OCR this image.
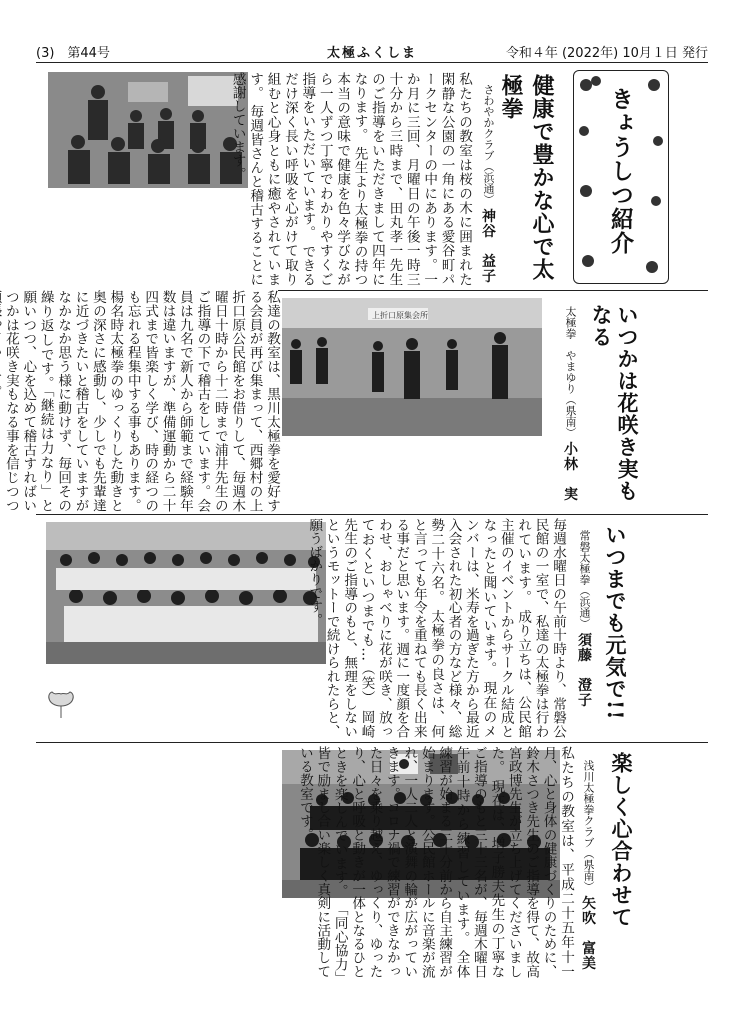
(3)　第44号	太極ふくしま	令和４年 (2022年) 10月１日 発行
健康で豊かな心で太極拳
さわやかクラブ（浜通） 神谷　益子
私たちの教室は桜の木に囲まれた閑静な公園の一角にある愛谷町パークセンターの中にあります。一か月に三回、月曜日の午後一時三十分から三時まで、田丸孝一先生のご指導をいただきまして四年になります。 先生より太極拳の持つ本当の意味で健康を色々学びながら一人ずつ丁寧でわかりやすくご指導をいただいています。 できるだけ深く長い呼吸を心がけて取り組むと心身ともに癒やされています。 毎週皆さんと稽古することに感謝しています。	きょうしつ紹介
上折口原集会所	いつかは花咲き実もなる
太極拳　やまゆり（県南） 小林　実
私達の教室は、黒川太極拳を愛好する会員が再び集まって、西郷村の上折口原公民館をお借りして、毎週木曜日十時から十二時まで浦井先生のご指導の下で稽古をしています。会員は九名で新人から師範まで経験年数は違いますが、準備運動から二十四式まで皆楽しく学び、時の経つのも忘れる程集中する事もあります。楊名時太極拳のゆっくりした動きと奥の深さに感動し、少しでも先輩達に近づきたいと稽古をしていますがなかなか思う様に動けず、毎回その繰り返しです。「継続は力なり」と願いつつ、心を込めて稽古すればいつかは花咲き実もなる事を信じつつ
いつまでも元気で!!
常磐太極拳（浜通） 須藤　澄子
毎週水曜日の午前十時より、常磐公民館の一室で、私達の太極拳は行われています。 成り立ちは、公民館主催のイベントからサークル結成となったと聞いています。 現在のメンバーは、米寿を過ぎた方から最近入会された初心者の方など様々、総勢二十六名。 太極拳の良さは、何と言っても年令を重ねても長く出来る事だと思います。週に一度顔を合わせ、おしゃべりに花が咲き、放っておくといつまでも…（笑） 岡崎先生のご指導のもと、無理をしないというモットーで続けられたらと、願うばかりです。
楽しく心合わせて
浅川太極拳クラブ（県南） 矢吹　富美
私たちの教室は、平成二十五年十一月、心と身体の健康づくりのために、鈴木さつき先生のご指導を得て、故高宮政博先生が立ち上げてくださいました。 現在は、増子勝夫先生の丁寧なご指導のもと三十三名が、毎週木曜日午前十時から練習しています。 全体練習が始まる三十分前から自主練習が始まります。公民館ホールに音楽が流れ、一人二人と演舞の輪が広がっていきます。コロナ禍で練習ができなかった日々を乗り越え、ゆっくり、ゆったり、心と呼吸と動きが一体となるひとときを楽しんでいます。 「同心協力」皆で励まし合い楽しく真剣に活動している教室です。
